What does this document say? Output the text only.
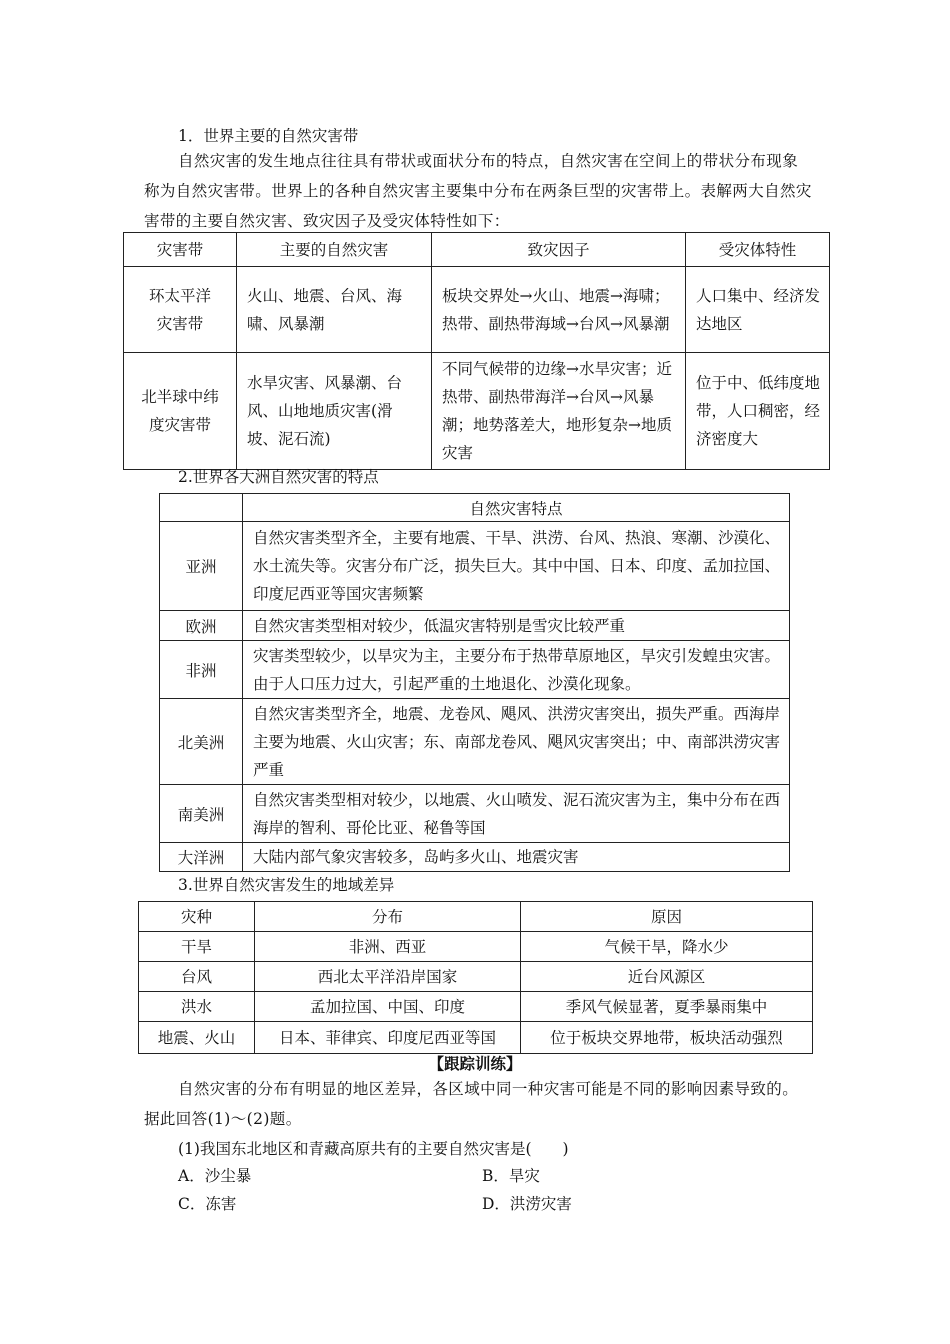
1．世界主要的自然灾害带
自然灾害的发生地点往往具有带状或面状分布的特点，自然灾害在空间上的带状分布现象称为自然灾害带。世界上的各种自然灾害主要集中分布在两条巨型的灾害带上。表解两大自然灾害带的主要自然灾害、致灾因子及受灾体特性如下：
灾害带	主要的自然灾害	致灾因子	受灾体特性

环太平洋灾害带	火山、地震、台风、海啸、风暴潮	板块交界处→火山、地震→海啸；热带、副热带海域→台风→风暴潮	人口集中、经济发达地区

北半球中纬度灾害带	水旱灾害、风暴潮、台风、山地地质灾害(滑坡、泥石流)	不同气候带的边缘→水旱灾害；近热带、副热带海洋→台风→风暴潮；地势落差大，地形复杂→地质灾害	位于中、低纬度地带，人口稠密，经济密度大
2.世界各大洲自然灾害的特点
	自然灾害特点
亚洲	自然灾害类型齐全，主要有地震、干旱、洪涝、台风、热浪、寒潮、沙漠化、水土流失等。灾害分布广泛，损失巨大。其中中国、日本、印度、孟加拉国、印度尼西亚等国灾害频繁

欧洲	自然灾害类型相对较少，低温灾害特别是雪灾比较严重

非洲	灾害类型较少，以旱灾为主，主要分布于热带草原地区，旱灾引发蝗虫灾害。由于人口压力过大，引起严重的土地退化、沙漠化现象。

北美洲	自然灾害类型齐全，地震、龙卷风、飓风、洪涝灾害突出，损失严重。西海岸主要为地震、火山灾害；东、南部龙卷风、飓风灾害突出；中、南部洪涝灾害严重

南美洲	自然灾害类型相对较少，以地震、火山喷发、泥石流灾害为主，集中分布在西海岸的智利、哥伦比亚、秘鲁等国

大洋洲	大陆内部气象灾害较多，岛屿多火山、地震灾害
3.世界自然灾害发生的地域差异
灾种	分布	原因
干旱	非洲、西亚	气候干旱，降水少
台风	西北太平洋沿岸国家	近台风源区
洪水	孟加拉国、中国、印度	季风气候显著，夏季暴雨集中
地震、火山	日本、菲律宾、印度尼西亚等国	位于板块交界地带，板块活动强烈
【跟踪训练】
自然灾害的分布有明显的地区差异，各区域中同一种灾害可能是不同的影响因素导致的。据此回答(1)～(2)题。
(1)我国东北地区和青藏高原共有的主要自然灾害是(　　)
A．沙尘暴	B．旱灾
C．冻害	D．洪涝灾害
